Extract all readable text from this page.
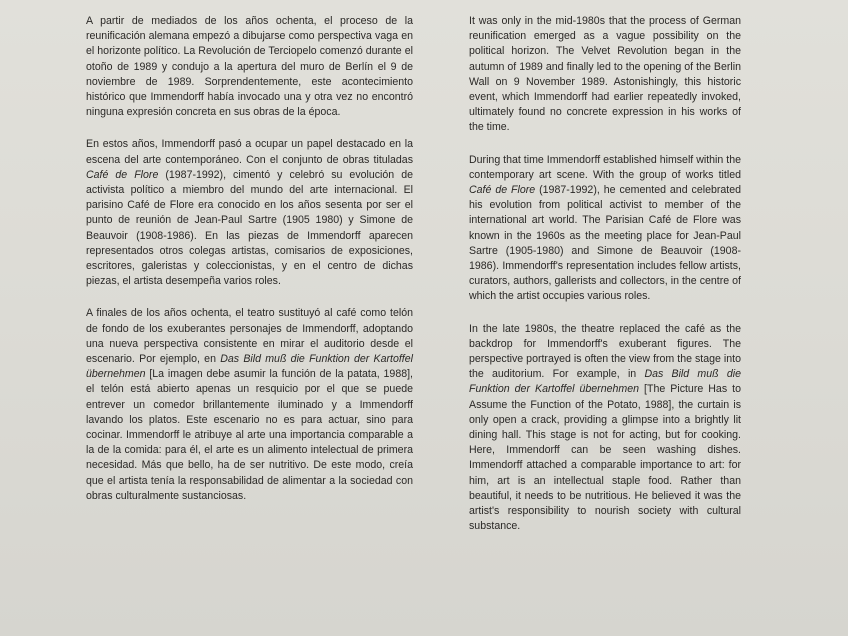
A partir de mediados de los años ochenta, el proceso de la reunificación alemana empezó a dibujarse como perspectiva vaga en el horizonte político. La Revolución de Terciopelo comenzó durante el otoño de 1989 y condujo a la apertura del muro de Berlín el 9 de noviembre de 1989. Sorprendentemente, este acontecimiento histórico que Immendorff había invocado una y otra vez no encontró ninguna expresión concreta en sus obras de la época.

En estos años, Immendorff pasó a ocupar un papel destacado en la escena del arte contemporáneo. Con el conjunto de obras tituladas Café de Flore (1987-1992), cimentó y celebró su evolución de activista político a miembro del mundo del arte internacional. El parisino Café de Flore era conocido en los años sesenta por ser el punto de reunión de Jean-Paul Sartre (1905 1980) y Simone de Beauvoir (1908-1986). En las piezas de Immendorff aparecen representados otros colegas artistas, comisarios de exposiciones, escritores, galeristas y coleccionistas, y en el centro de dichas piezas, el artista desempeña varios roles.

A finales de los años ochenta, el teatro sustituyó al café como telón de fondo de los exuberantes personajes de Immendorff, adoptando una nueva perspectiva consistente en mirar el auditorio desde el escenario. Por ejemplo, en Das Bild muß die Funktion der Kartoffel übernehmen [La imagen debe asumir la función de la patata, 1988], el telón está abierto apenas un resquicio por el que se puede entrever un comedor brillantemente iluminado y a Immendorff lavando los platos. Este escenario no es para actuar, sino para cocinar. Immendorff le atribuye al arte una importancia comparable a la de la comida: para él, el arte es un alimento intelectual de primera necesidad. Más que bello, ha de ser nutritivo. De este modo, creía que el artista tenía la responsabilidad de alimentar a la sociedad con obras culturalmente sustanciosas.

It was only in the mid-1980s that the process of German reunification emerged as a vague possibility on the political horizon. The Velvet Revolution began in the autumn of 1989 and finally led to the opening of the Berlin Wall on 9 November 1989. Astonishingly, this historic event, which Immendorff had earlier repeatedly invoked, ultimately found no concrete expression in his works of the time.

During that time Immendorff established himself within the contemporary art scene. With the group of works titled Café de Flore (1987-1992), he cemented and celebrated his evolution from political activist to member of the international art world. The Parisian Café de Flore was known in the 1960s as the meeting place for Jean-Paul Sartre (1905-1980) and Simone de Beauvoir (1908-1986). Immendorff's representation includes fellow artists, curators, authors, gallerists and collectors, in the centre of which the artist occupies various roles.

In the late 1980s, the theatre replaced the café as the backdrop for Immendorff's exuberant figures. The perspective portrayed is often the view from the stage into the auditorium. For example, in Das Bild muß die Funktion der Kartoffel übernehmen [The Picture Has to Assume the Function of the Potato, 1988], the curtain is only open a crack, providing a glimpse into a brightly lit dining hall. This stage is not for acting, but for cooking. Here, Immendorff can be seen washing dishes. Immendorff attached a comparable importance to art: for him, art is an intellectual staple food. Rather than beautiful, it needs to be nutritious. He believed it was the artist's responsibility to nourish society with cultural substance.
